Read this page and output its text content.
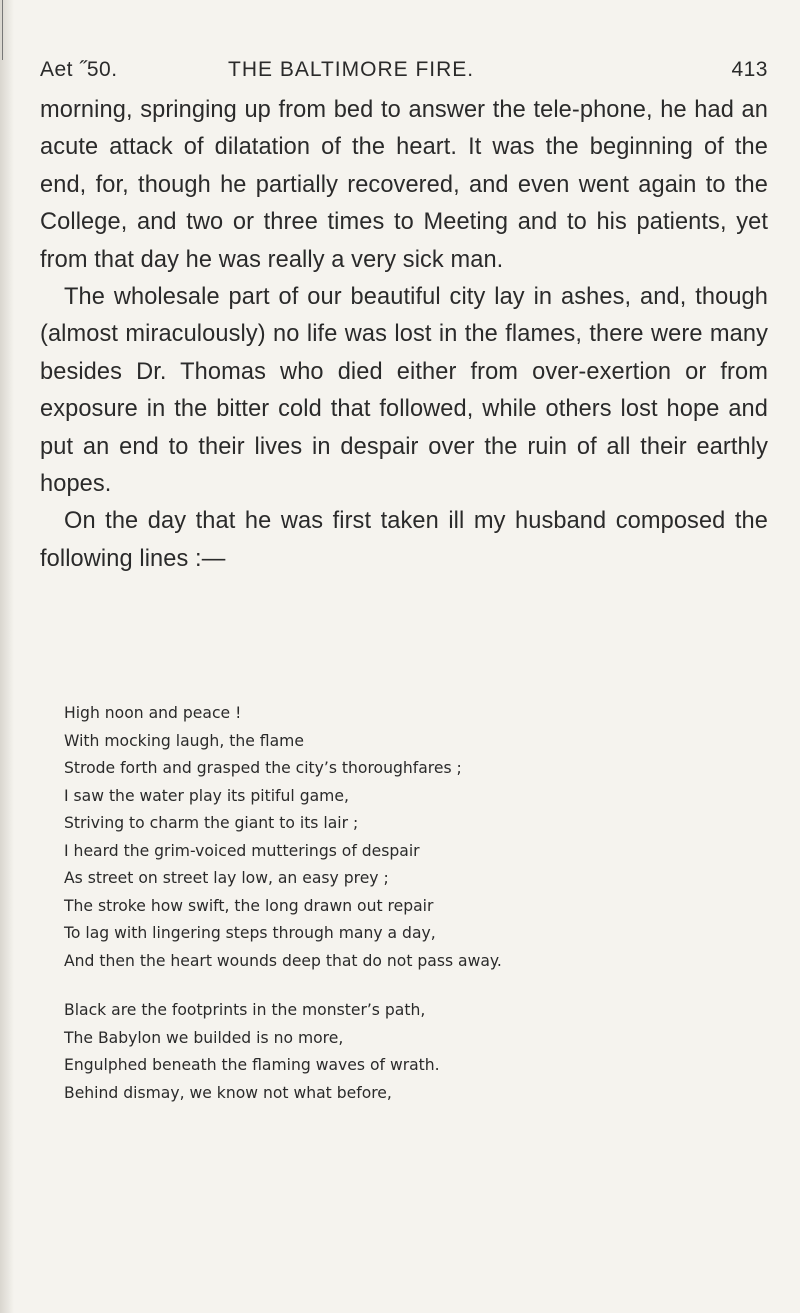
Aet ˝50.	THE BALTIMORE FIRE.	413

morning, springing up from bed to answer the tele-phone, he had an acute attack of dilatation of the heart. It was the beginning of the end, for, though he partially recovered, and even went again to the College, and two or three times to Meeting and to his patients, yet from that day he was really a very sick man.

The wholesale part of our beautiful city lay in ashes, and, though (almost miraculously) no life was lost in the flames, there were many besides Dr. Thomas who died either from over-exertion or from exposure in the bitter cold that followed, while others lost hope and put an end to their lives in despair over the ruin of all their earthly hopes.

On the day that he was first taken ill my husband composed the following lines :—

High noon and peace !
With mocking laugh, the flame
Strode forth and grasped the city’s thoroughfares ;
I saw the water play its pitiful game,
Striving to charm the giant to its lair ;
I heard the grim-voiced mutterings of despair
As street on street lay low, an easy prey ;
The stroke how swift, the long drawn out repair
To lag with lingering steps through many a day,
And then the heart wounds deep that do not pass away.
Black are the footprints in the monster’s path,
The Babylon we builded is no more,
Engulphed beneath the flaming waves of wrath.
Behind dismay, we know not what before,
